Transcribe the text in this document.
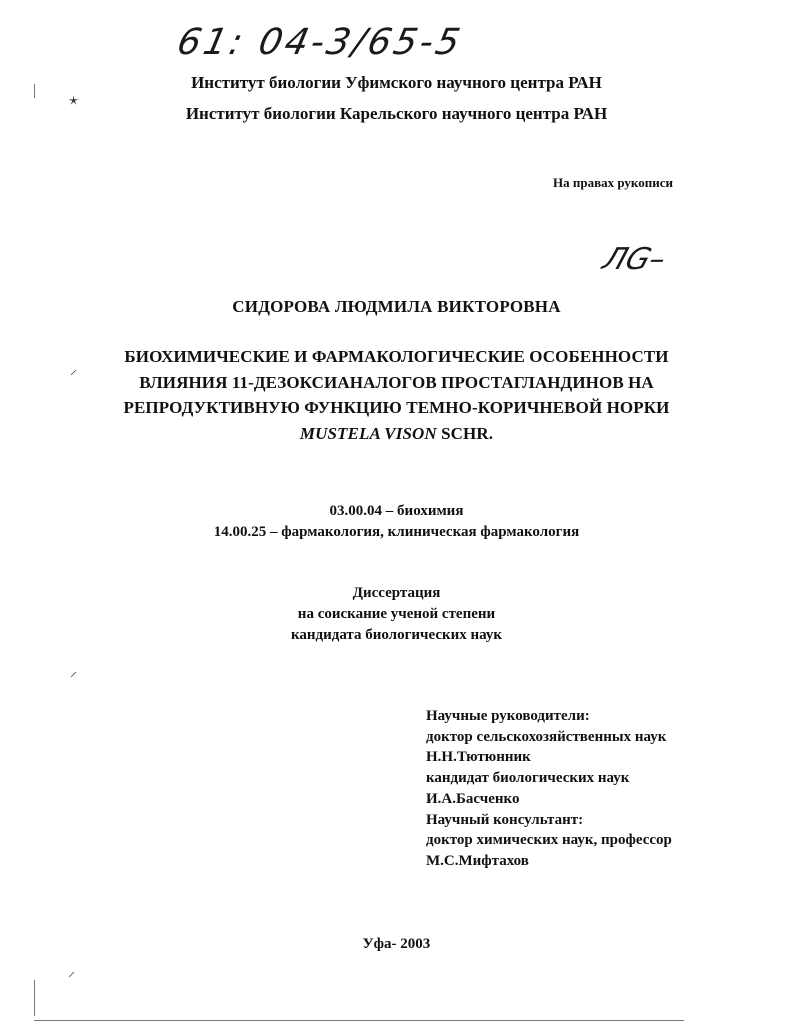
61: 04-3/65-5
Институт биологии Уфимского научного центра РАН
Институт биологии Карельского научного центра РАН
На правах рукописи
ЛG–
СИДОРОВА ЛЮДМИЛА ВИКТОРОВНА
БИОХИМИЧЕСКИЕ И ФАРМАКОЛОГИЧЕСКИЕ ОСОБЕННОСТИ
ВЛИЯНИЯ 11-ДЕЗОКСИАНАЛОГОВ ПРОСТАГЛАНДИНОВ НА
РЕПРОДУКТИВНУЮ ФУНКЦИЮ ТЕМНО-КОРИЧНЕВОЙ НОРКИ
MUSTELA VISON SCHR.
03.00.04 – биохимия
14.00.25 – фармакология, клиническая фармакология
Диссертация
на соискание ученой степени
кандидата биологических наук
Научные руководители:
доктор сельскохозяйственных наук
Н.Н.Тютюнник
кандидат биологических наук
И.А.Басченко
Научный консультант:
доктор химических наук, профессор
М.С.Мифтахов
Уфа- 2003
🟉
⸝
⸝
⸝
